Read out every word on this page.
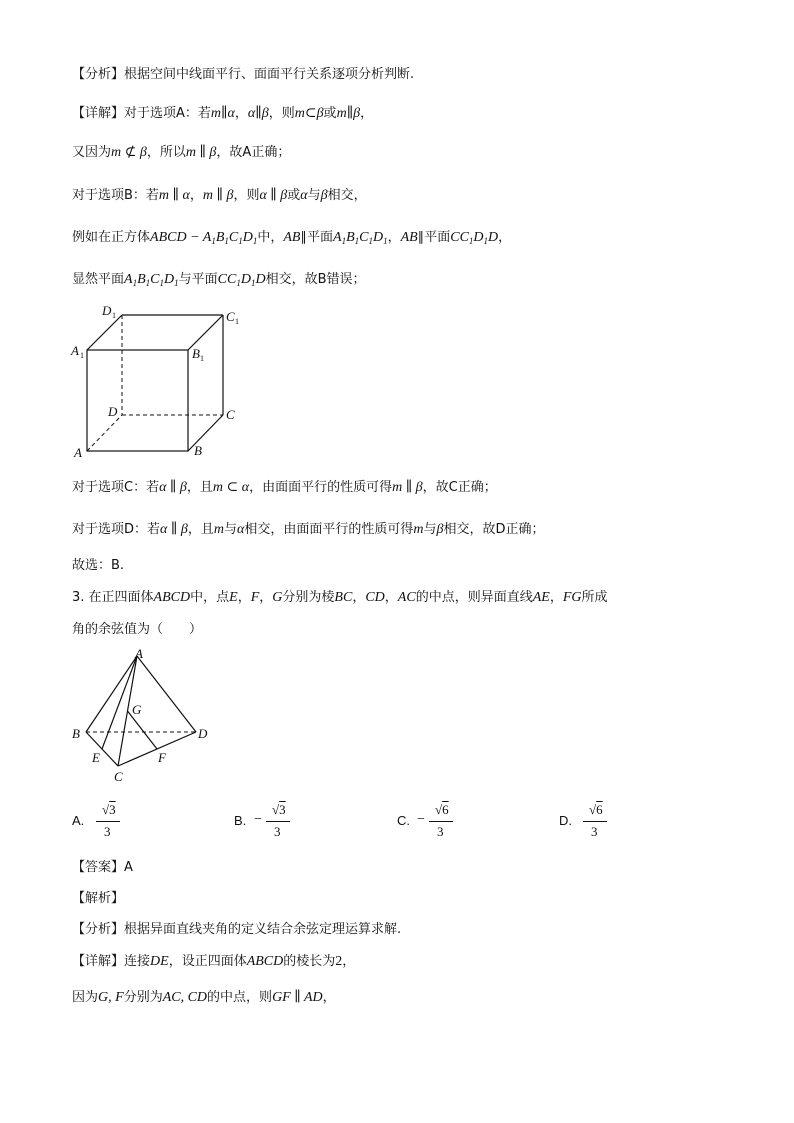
【分析】根据空间中线面平行、面面平行关系逐项分析判断.
【详解】对于选项A：若m∥α，α∥β，则m⊂β或m∥β，
又因为m ⊄ β，所以m ∥ β，故A正确；
对于选项B：若m ∥ α，m ∥ β，则α ∥ β或α与β相交，
例如在正方体ABCD − $A_1B_1C_1D_1$中，AB∥平面$A_1B_1C_1D_1$，AB∥平面$CC_1D_1D$，
显然平面$A_1B_1C_1D_1$与平面$CC_1D_1D$相交，故B错误；
D 1	C 1
A 1	B 1
D	C
A	B
对于选项C：若α ∥ β，且m ⊂ α，由面面平行的性质可得m ∥ β，故C正确；
对于选项D：若α ∥ β，且m与α相交，由面面平行的性质可得m与β相交，故D正确；
故选：B.
3. 在正四面体ABCD中，点E，F，G分别为棱BC，CD，AC的中点，则异面直线AE，FG所成
角的余弦值为（　　）
A
B	D
C
E	F
G
A.
√3
3
B. −
√3
3
C. −
√6
3
D.
√6
3
【答案】A
【解析】
【分析】根据异面直线夹角的定义结合余弦定理运算求解.
【详解】连接DE，设正四面体ABCD的棱长为2，
因为G, F分别为AC, CD的中点，则GF ∥ AD，
